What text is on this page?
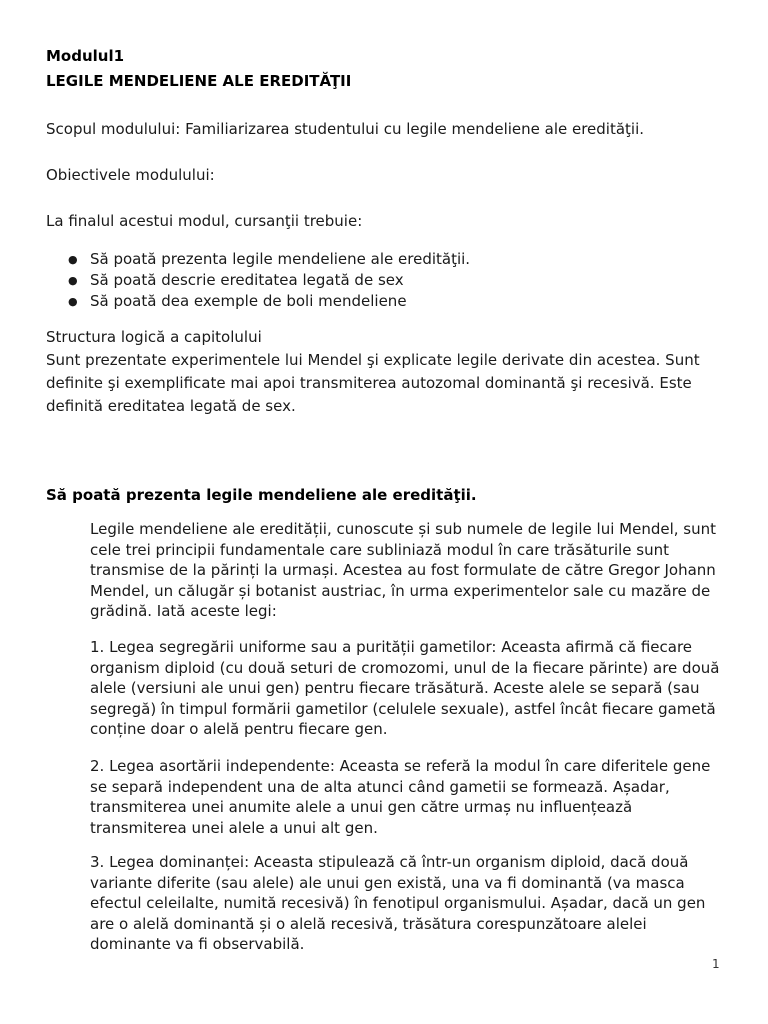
Modulul1
LEGILE MENDELIENE ALE EREDITĂŢII
Scopul modulului: Familiarizarea studentului cu legile mendeliene ale eredităţii.
Obiectivele modulului:
La finalul acestui modul, cursanţii trebuie:
● Să poată prezenta legile mendeliene ale eredităţii.
● Să poată descrie ereditatea legată de sex
● Să poată dea exemple de boli mendeliene
Structura logică a capitolului
Sunt prezentate experimentele lui Mendel şi explicate legile derivate din acestea. Sunt definite şi exemplificate mai apoi transmiterea autozomal dominantă şi recesivă. Este definită ereditatea legată de sex.
Să poată prezenta legile mendeliene ale eredităţii.
Legile mendeliene ale eredității, cunoscute și sub numele de legile lui Mendel, sunt cele trei principii fundamentale care subliniază modul în care trăsăturile sunt transmise de la părinți la urmași. Acestea au fost formulate de către Gregor Johann Mendel, un călugăr și botanist austriac, în urma experimentelor sale cu mazăre de grădină. Iată aceste legi:
1. Legea segregării uniforme sau a purității gametilor: Aceasta afirmă că fiecare organism diploid (cu două seturi de cromozomi, unul de la fiecare părinte) are două alele (versiuni ale unui gen) pentru fiecare trăsătură. Aceste alele se separă (sau segregă) în timpul formării gametilor (celulele sexuale), astfel încât fiecare gametă conține doar o alelă pentru fiecare gen.
2. Legea asortării independente: Aceasta se referă la modul în care diferitele gene se separă independent una de alta atunci când gametii se formează. Așadar, transmiterea unei anumite alele a unui gen către urmaș nu influențează transmiterea unei alele a unui alt gen.
3. Legea dominanței: Aceasta stipulează că într-un organism diploid, dacă două variante diferite (sau alele) ale unui gen există, una va fi dominantă (va masca efectul celeilalte, numită recesivă) în fenotipul organismului. Așadar, dacă un gen are o alelă dominantă și o alelă recesivă, trăsătura corespunzătoare alelei dominante va fi observabilă.
1
